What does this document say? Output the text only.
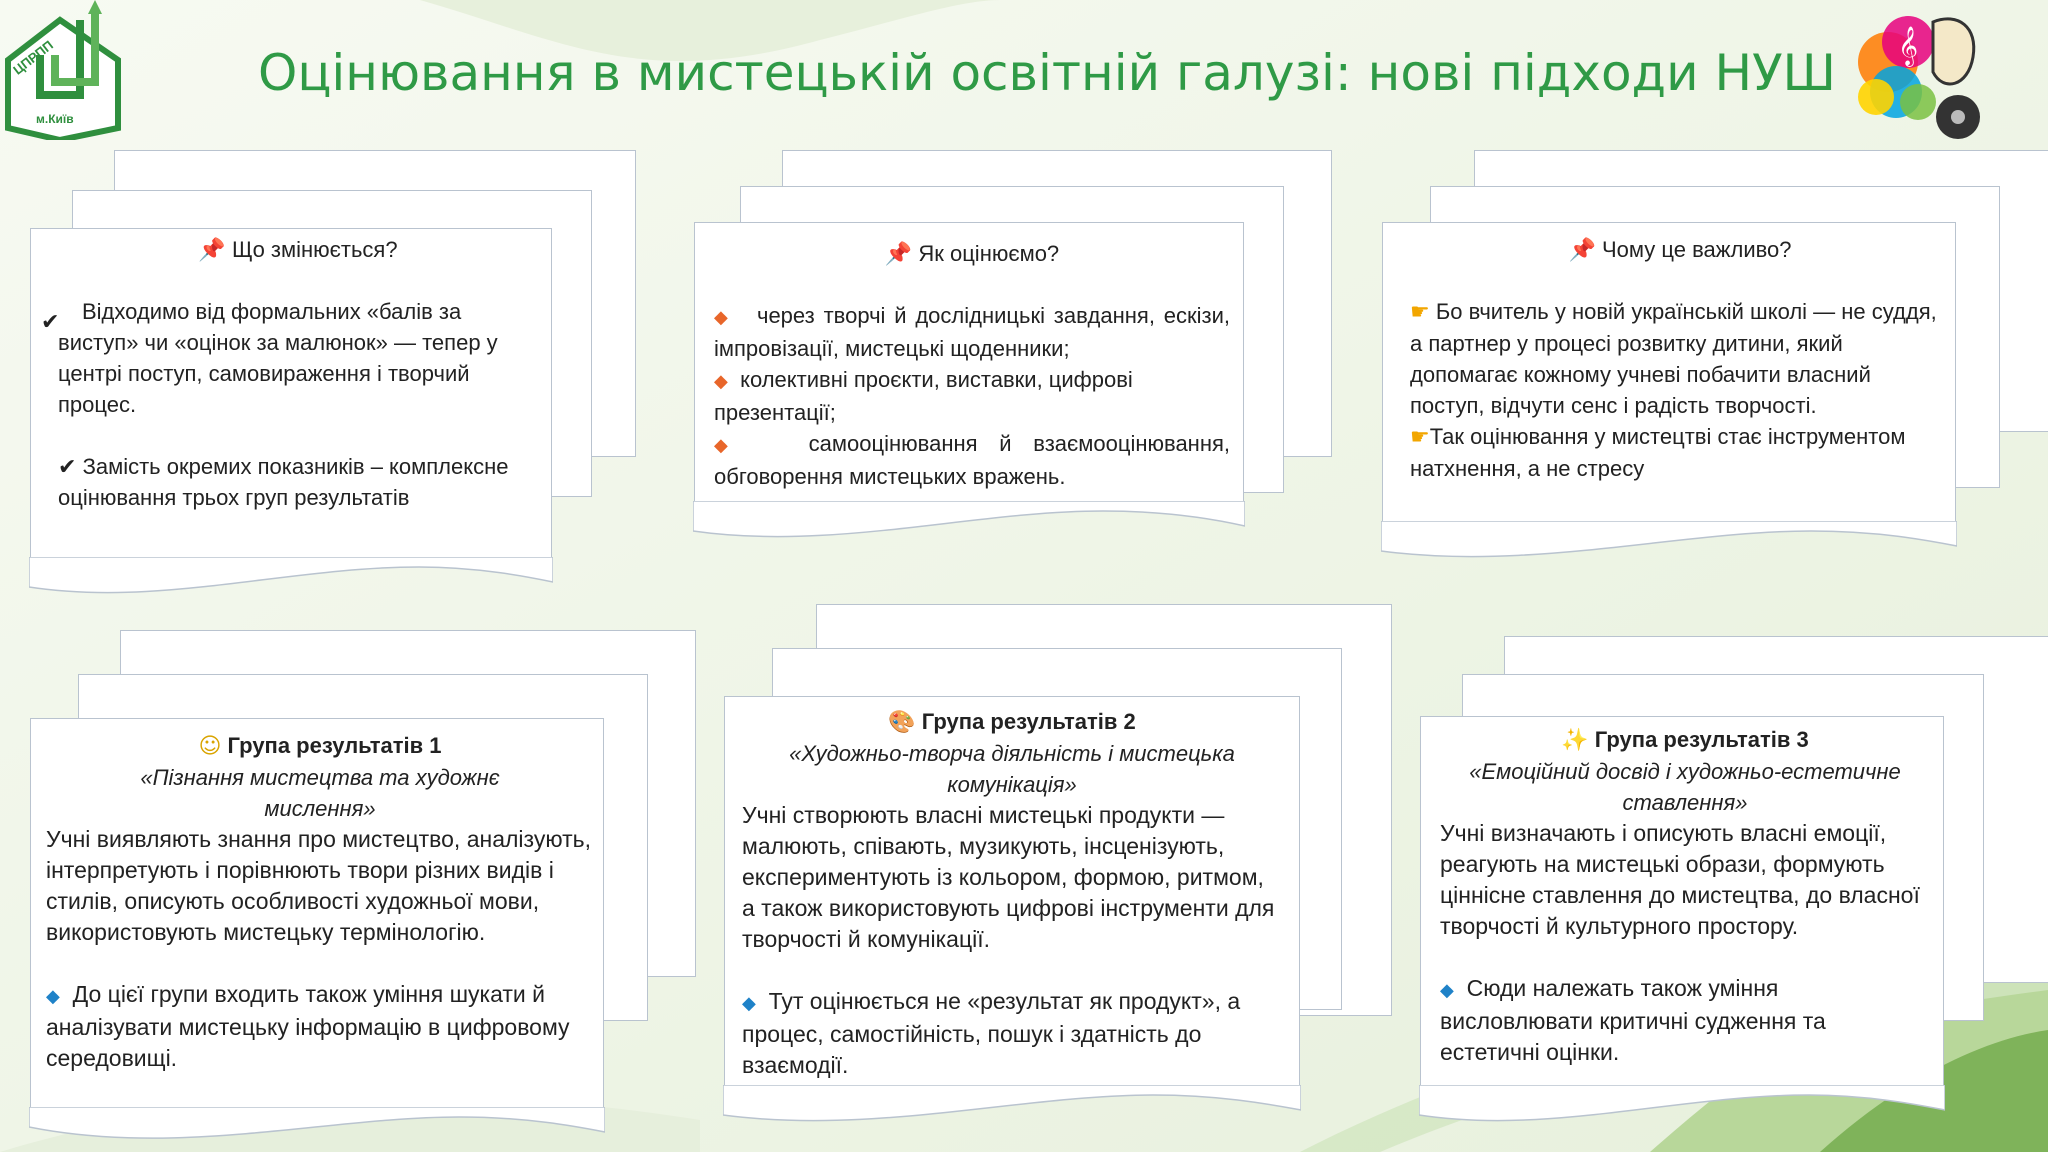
ЦПРПП
м.Київ
Оцінювання в мистецькій освітній галузі: нові підходи НУШ 𝄞
📌 Що змінюється?
✔	Відходимо від формальних «балів за виступ» чи «оцінок за малюнок» — тепер у центрі поступ, самовираження і творчий процес.

✔ Замість окремих показників – комплексне оцінювання трьох груп результатів

📌 Як оцінюємо?

◆ через творчі й дослідницькі завдання, ескізи, імпровізації, мистецькі щоденники;

◆ колективні проєкти, виставки, цифрові презентації;

◆	самооцінювання й взаємооцінювання, обговорення мистецьких вражень.

📌 Чому це важливо?

☛ Бо вчитель у новій українській школі — не суддя, а партнер у процесі розвитку дитини, який допомагає кожному учневі побачити власний поступ, відчути сенс і радість творчості.

☛Так оцінювання у мистецтві стає інструментом натхнення, а не стресу

☺ Група результатів 1

«Пізнання мистецтва та художнє мислення»

Учні виявляють знання про мистецтво, аналізують, інтерпретують і порівнюють твори різних видів і стилів, описують особливості художньої мови, використовують мистецьку термінологію.

◆ До цієї групи входить також уміння шукати й аналізувати мистецьку інформацію в цифровому середовищі.

🎨 Група результатів 2

«Художньо-творча діяльність і мистецька комунікація»

Учні створюють власні мистецькі продукти — малюють, співають, музикують, інсценізують, експериментують із кольором, формою, ритмом, а також використовують цифрові інструменти для творчості й комунікації.

◆ Тут оцінюється не «результат як продукт», а процес, самостійність, пошук і здатність до взаємодії.

✨ Група результатів 3

«Емоційний досвід і художньо-естетичне ставлення»

Учні визначають і описують власні емоції, реагують на мистецькі образи, формують ціннісне ставлення до мистецтва, до власної творчості й культурного простору.

◆ Сюди належать також уміння висловлювати критичні судження та естетичні оцінки.
